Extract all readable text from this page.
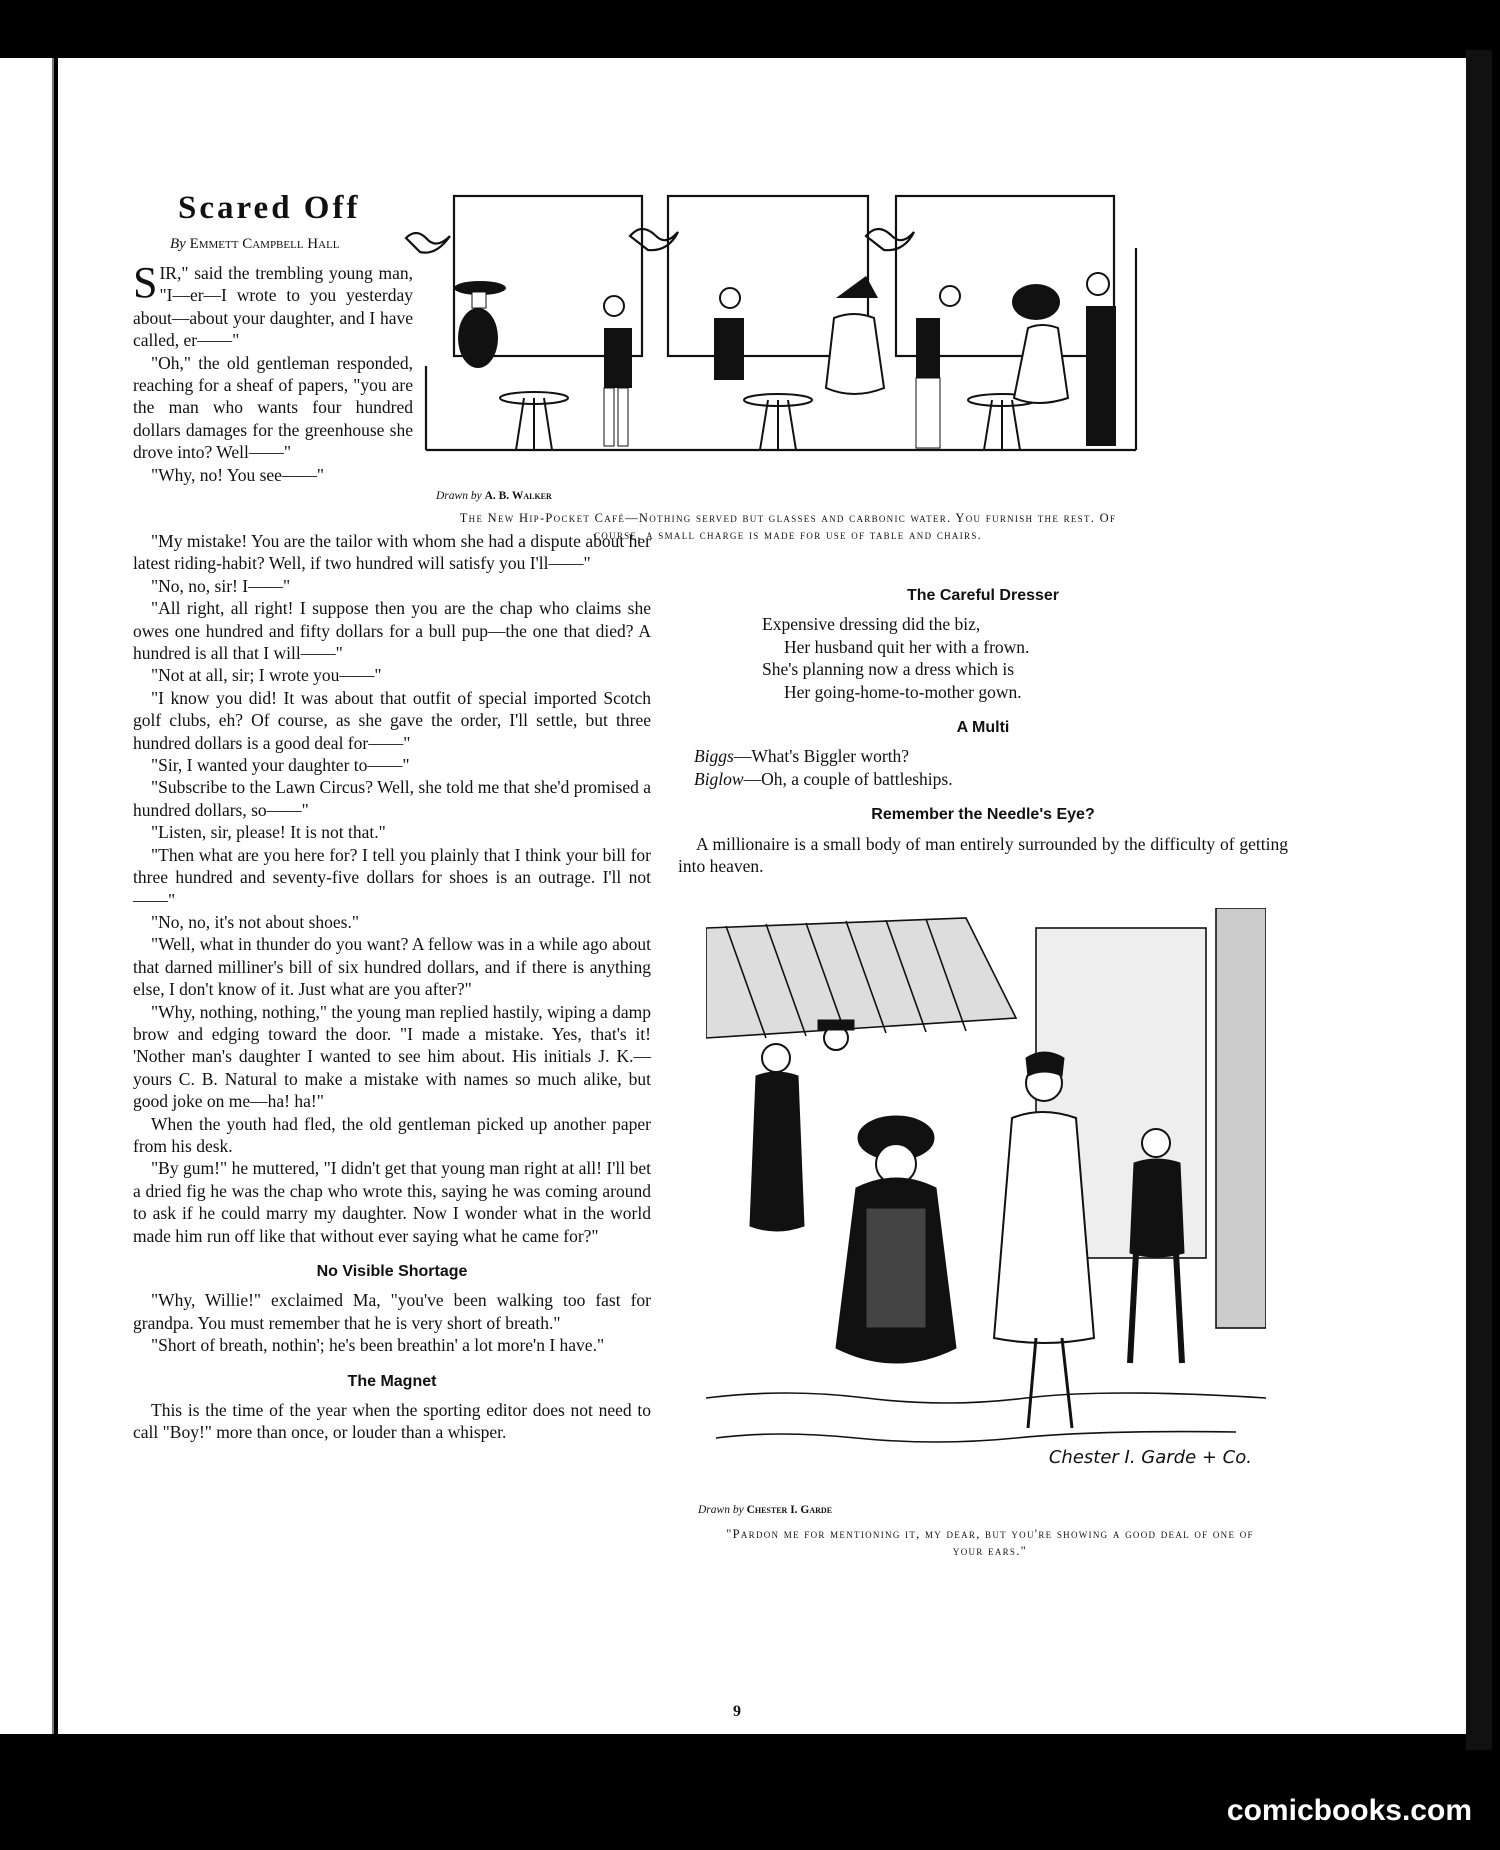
Scared Off
By Emmett Campbell Hall
Drawn by A. B. Walker
The New Hip-Pocket Café—Nothing served but glasses and carbonic water. You furnish the rest. Of course, a small charge is made for use of table and chairs.

SIR," said the trembling young man, "I—er—I wrote to you yesterday about—about your daughter, and I have called, er——"

"Oh," the old gentleman responded, reaching for a sheaf of papers, "you are the man who wants four hundred dollars damages for the greenhouse she drove into? Well——"

"Why, no! You see——"

"My mistake! You are the tailor with whom she had a dispute about her latest riding-habit? Well, if two hundred will satisfy you I'll——"

"No, no, sir! I——"

"All right, all right! I suppose then you are the chap who claims she owes one hundred and fifty dollars for a bull pup—the one that died? A hundred is all that I will——"

"Not at all, sir; I wrote you——"

"I know you did! It was about that outfit of special imported Scotch golf clubs, eh? Of course, as she gave the order, I'll settle, but three hundred dollars is a good deal for——"

"Sir, I wanted your daughter to——"

"Subscribe to the Lawn Circus? Well, she told me that she'd promised a hundred dollars, so——"

"Listen, sir, please! It is not that."

"Then what are you here for? I tell you plainly that I think your bill for three hundred and seventy-five dollars for shoes is an outrage. I'll not——"

"No, no, it's not about shoes."

"Well, what in thunder do you want? A fellow was in a while ago about that darned milliner's bill of six hundred dollars, and if there is anything else, I don't know of it. Just what are you after?"

"Why, nothing, nothing," the young man replied hastily, wiping a damp brow and edging toward the door. "I made a mistake. Yes, that's it! 'Nother man's daughter I wanted to see him about. His initials J. K.—yours C. B. Natural to make a mistake with names so much alike, but good joke on me—ha! ha!"

When the youth had fled, the old gentleman picked up another paper from his desk.

"By gum!" he muttered, "I didn't get that young man right at all! I'll bet a dried fig he was the chap who wrote this, saying he was coming around to ask if he could marry my daughter. Now I wonder what in the world made him run off like that without ever saying what he came for?"

No Visible Shortage

"Why, Willie!" exclaimed Ma, "you've been walking too fast for grandpa. You must remember that he is very short of breath."

"Short of breath, nothin'; he's been breathin' a lot more'n I have."

The Magnet

This is the time of the year when the sporting editor does not need to call "Boy!" more than once, or louder than a whisper.

The Careful Dresser
Expensive dressing did the biz,
Her husband quit her with a frown.
She's planning now a dress which is
Her going-home-to-mother gown.
A Multi
Biggs—What's Biggler worth?
Biglow—Oh, a couple of battleships.
Remember the Needle's Eye?

A millionaire is a small body of man entirely surrounded by the difficulty of getting into heaven.

Chester I. Garde + Co.
Drawn by Chester I. Garde
"Pardon me for mentioning it, my dear, but you're showing a good deal of one of your ears."
9
comicbooks.com
